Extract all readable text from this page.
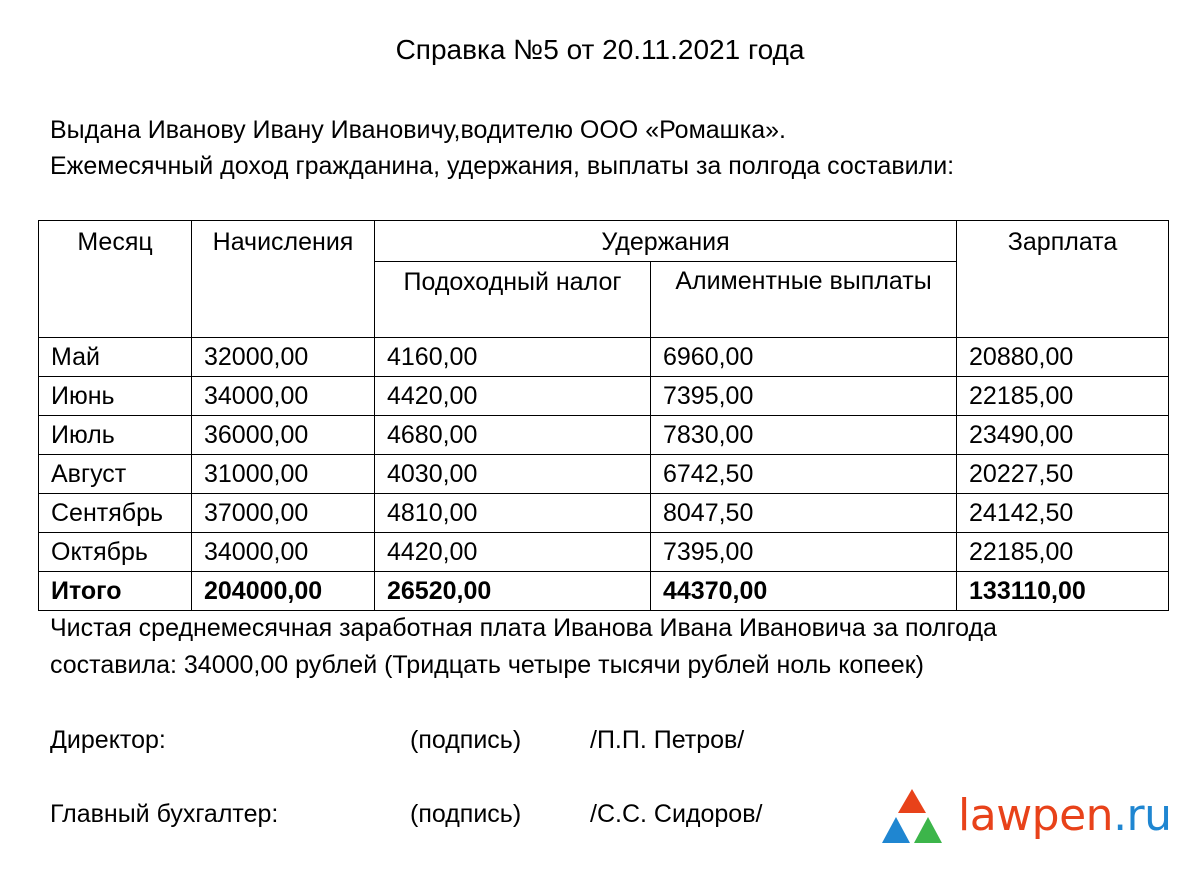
Справка №5 от 20.11.2021 года
Выдана Иванову Ивану Ивановичу,водителю ООО «Ромашка».
Ежемесячный доход гражданина, удержания, выплаты за полгода составили:
Месяц	Начисления	Удержания		Зарплата
		Подоходный налог	Алиментные выплаты	
Май	32000,00	4160,00	6960,00	20880,00
Июнь	34000,00	4420,00	7395,00	22185,00
Июль	36000,00	4680,00	7830,00	23490,00
Август	31000,00	4030,00	6742,50	20227,50
Сентябрь	37000,00	4810,00	8047,50	24142,50
Октябрь	34000,00	4420,00	7395,00	22185,00
Итого	204000,00	26520,00	44370,00	133110,00
Чистая среднемесячная заработная плата Иванова Ивана Ивановича за полгода
составила: 34000,00 рублей (Тридцать четыре тысячи рублей ноль копеек)
Директор:	(подпись)	/П.П. Петров/
Главный бухгалтер:	(подпись)	/С.С. Сидоров/	lawpen.ru
